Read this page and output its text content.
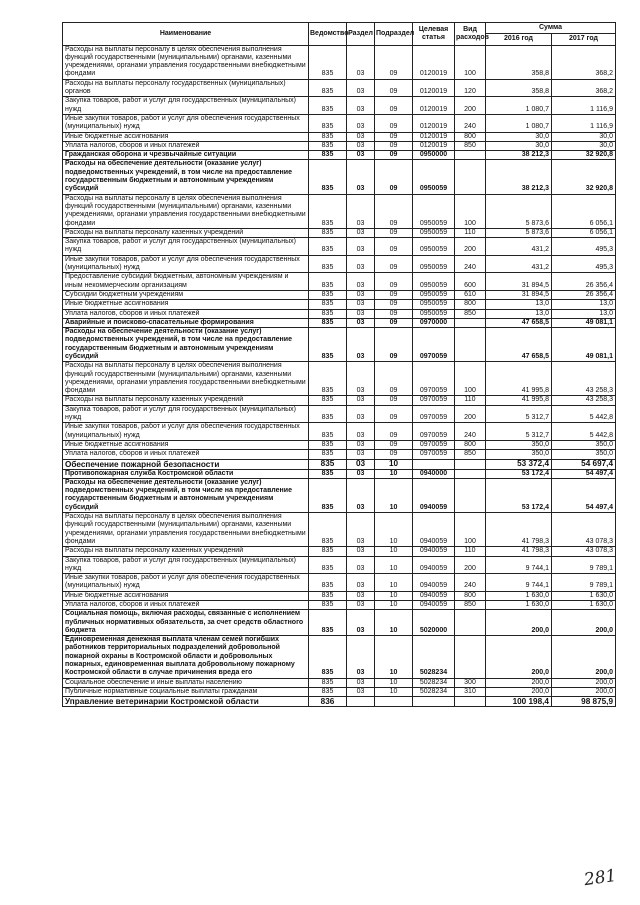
Наименование	Ведомство	Раздел	Подраздел	Целевая статья	Вид расходов	Сумма	
						2016 год	2017 год
Расходы на выплаты персоналу в целях обеспечения выполнения функций государственными (муниципальными) органами, казенными учреждениями, органами управления государственными внебюджетными фондами	835	03	09	0120019	100	358,8	368,2
Расходы на выплаты персоналу государственных (муниципальных) органов	835	03	09	0120019	120	358,8	368,2
Закупка товаров, работ и услуг для государственных (муниципальных) нужд	835	03	09	0120019	200	1 080,7	1 116,9
Иные закупки товаров, работ и услуг для обеспечения государственных (муниципальных) нужд	835	03	09	0120019	240	1 080,7	1 116,9
Иные бюджетные ассигнования	835	03	09	0120019	800	30,0	30,0
Уплата налогов, сборов и иных платежей	835	03	09	0120019	850	30,0	30,0
Гражданская оборона и чрезвычайные ситуации	835	03	09	0950000		38 212,3	32 920,8
Расходы на обеспечение деятельности (оказание услуг) подведомственных учреждений, в том числе на предоставление государственным бюджетным и автономным учреждениям субсидий	835	03	09	0950059		38 212,3	32 920,8
Расходы на выплаты персоналу в целях обеспечения выполнения функций государственными (муниципальными) органами, казенными учреждениями, органами управления государственными внебюджетными фондами	835	03	09	0950059	100	5 873,6	6 056,1
Расходы на выплаты персоналу казенных учреждений	835	03	09	0950059	110	5 873,6	6 056,1
Закупка товаров, работ и услуг для государственных (муниципальных) нужд	835	03	09	0950059	200	431,2	495,3
Иные закупки товаров, работ и услуг для обеспечения государственных (муниципальных) нужд	835	03	09	0950059	240	431,2	495,3
Предоставление субсидий бюджетным, автономным учреждениям и иным некоммерческим организациям	835	03	09	0950059	600	31 894,5	26 356,4
Субсидии бюджетным учреждениям	835	03	09	0950059	610	31 894,5	26 356,4
Иные бюджетные ассигнования	835	03	09	0950059	800	13,0	13,0
Уплата налогов, сборов и иных платежей	835	03	09	0950059	850	13,0	13,0
Аварийные и поисково-спасательные формирования	835	03	09	0970000		47 658,5	49 081,1
Расходы на обеспечение деятельности (оказание услуг) подведомственных учреждений, в том числе на предоставление государственным бюджетным и автономным учреждениям субсидий	835	03	09	0970059		47 658,5	49 081,1
Расходы на выплаты персоналу в целях обеспечения выполнения функций государственными (муниципальными) органами, казенными учреждениями, органами управления государственными внебюджетными фондами	835	03	09	0970059	100	41 995,8	43 258,3
Расходы на выплаты персоналу казенных учреждений	835	03	09	0970059	110	41 995,8	43 258,3
Закупка товаров, работ и услуг для государственных (муниципальных) нужд	835	03	09	0970059	200	5 312,7	5 442,8
Иные закупки товаров, работ и услуг для обеспечения государственных (муниципальных) нужд	835	03	09	0970059	240	5 312,7	5 442,8
Иные бюджетные ассигнования	835	03	09	0970059	800	350,0	350,0
Уплата налогов, сборов и иных платежей	835	03	09	0970059	850	350,0	350,0
Обеспечение пожарной безопасности	835	03	10			53 372,4	54 697,4
Противопожарная служба Костромской области	835	03	10	0940000		53 172,4	54 497,4
Расходы на обеспечение деятельности (оказание услуг) подведомственных учреждений, в том числе на предоставление государственным бюджетным и автономным учреждениям субсидий	835	03	10	0940059		53 172,4	54 497,4
Расходы на выплаты персоналу в целях обеспечения выполнения функций государственными (муниципальными) органами, казенными учреждениями, органами управления государственными внебюджетными фондами	835	03	10	0940059	100	41 798,3	43 078,3
Расходы на выплаты персоналу казенных учреждений	835	03	10	0940059	110	41 798,3	43 078,3
Закупка товаров, работ и услуг для государственных (муниципальных) нужд	835	03	10	0940059	200	9 744,1	9 789,1
Иные закупки товаров, работ и услуг для обеспечения государственных (муниципальных) нужд	835	03	10	0940059	240	9 744,1	9 789,1
Иные бюджетные ассигнования	835	03	10	0940059	800	1 630,0	1 630,0
Уплата налогов, сборов и иных платежей	835	03	10	0940059	850	1 630,0	1 630,0
Социальная помощь, включая расходы, связанные с исполнением публичных нормативных обязательств, за счет средств областного бюджета	835	03	10	5020000		200,0	200,0
Единовременная денежная выплата членам семей погибших работников территориальных подразделений добровольной пожарной охраны в Костромской области и добровольных пожарных, единовременная выплата добровольному пожарному Костромской области в случае причинения вреда его	835	03	10	5028234		200,0	200,0
Социальное обеспечение и иные выплаты населению	835	03	10	5028234	300	200,0	200,0
Публичные нормативные социальные выплаты гражданам	835	03	10	5028234	310	200,0	200,0
Управление ветеринарии Костромской области	836					100 198,4	98 875,9
281
